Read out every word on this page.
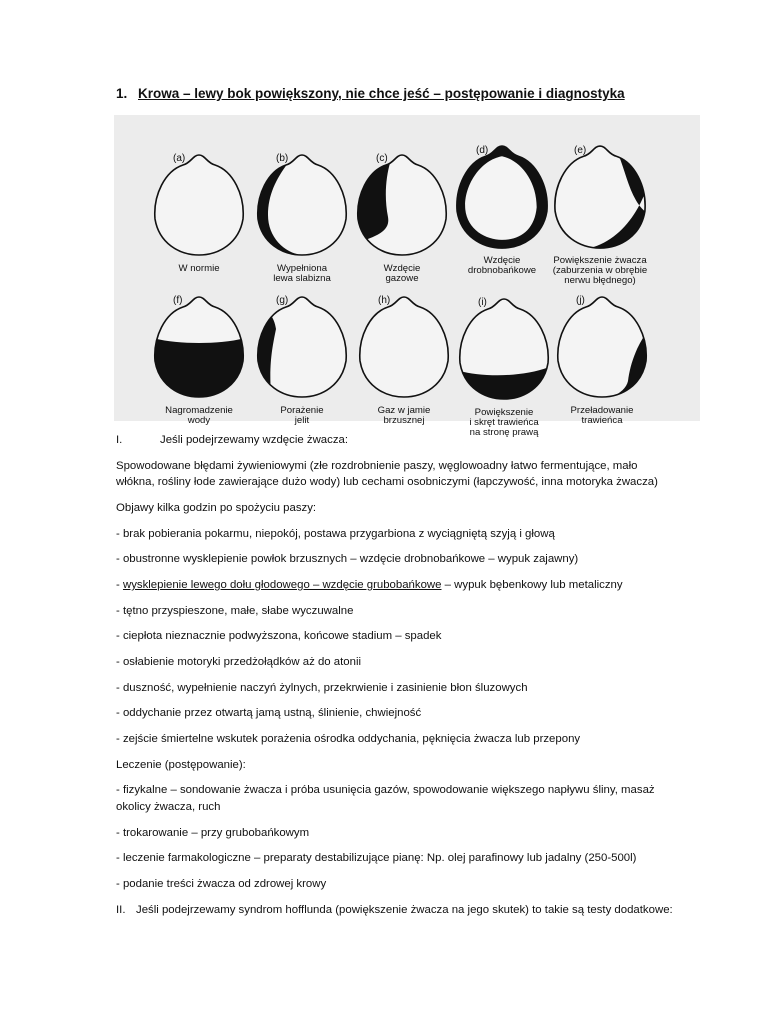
1. Krowa – lewy bok powiększony, nie chce jeść – postępowanie i diagnostyka
(a)
W normie
(b)
Wypełniona
lewa slabizna
(c)
Wzdęcie
gazowe
(d)
Wzdęcie
drobnobańkowe
(e)
Powiększenie żwacza
(zaburzenia w obrębie
nerwu błędnego)
(f)
Nagromadzenie
wody
(g)
Porażenie
jelit
(h)
Gaz w jamie
brzusznej
(i)
Powiększenie
i skręt trawieńca
na stronę prawą
(j)
Przeładowanie
trawieńca

I.	Jeśli podejrzewamy wzdęcie żwacza:

Spowodowane błędami żywieniowymi (złe rozdrobnienie paszy, węglowoadny łatwo fermentujące, mało włókna, rośliny łode zawierające dużo wody) lub cechami osobniczymi (łapczywość, inna motoryka żwacza)

Objawy kilka godzin po spożyciu paszy:

- brak pobierania pokarmu, niepokój, postawa przygarbiona z wyciągniętą szyją i głową

- obustronne wysklepienie powłok brzusznych – wzdęcie drobnobańkowe – wypuk zajawny)

- wysklepienie lewego dołu głodowego – wzdęcie grubobańkowe – wypuk bębenkowy lub metaliczny

- tętno przyspieszone, małe, słabe wyczuwalne

- ciepłota nieznacznie podwyższona, końcowe stadium – spadek

- osłabienie motoryki przedżołądków aż do atonii

- duszność, wypełnienie naczyń żylnych, przekrwienie i zasinienie błon śluzowych

- oddychanie przez otwartą jamą ustną, ślinienie, chwiejność

- zejście śmiertelne wskutek porażenia ośrodka oddychania, pęknięcia żwacza lub przepony

Leczenie (postępowanie):

- fizykalne – sondowanie żwacza i próba usunięcia gazów, spowodowanie większego napływu śliny, masaż okolicy żwacza, ruch

- trokarowanie – przy grubobańkowym

- leczenie farmakologiczne – preparaty destabilizujące pianę: Np. olej parafinowy lub jadalny (250-500l)

- podanie treści żwacza od zdrowej krowy

II. Jeśli podejrzewamy syndrom hofflunda (powiększenie żwacza na jego skutek) to takie są testy dodatkowe:
